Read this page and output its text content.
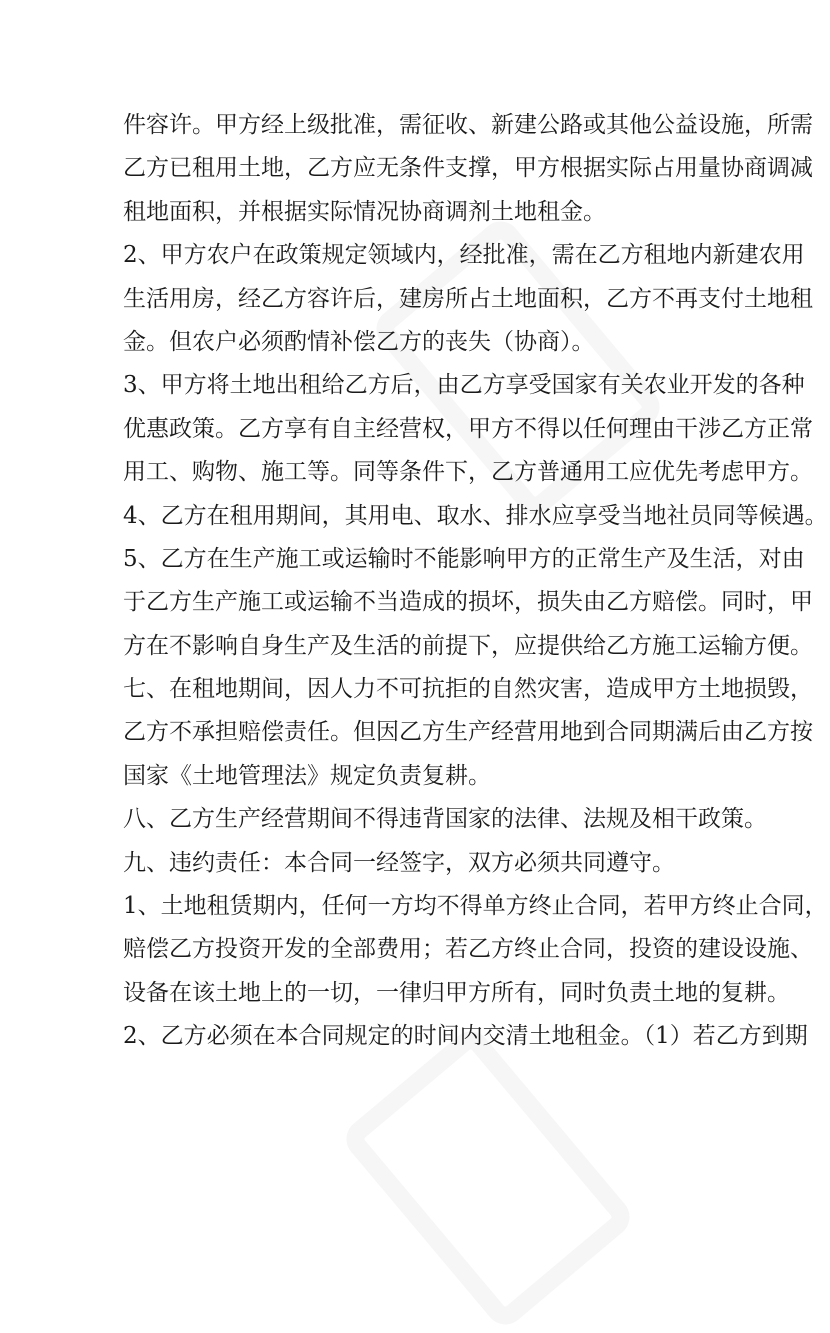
件容许。甲方经上级批准，需征收、新建公路或其他公益设施，所需
乙方已租用土地，乙方应无条件支撑，甲方根据实际占用量协商调减
租地面积，并根据实际情况协商调剂土地租金。
2、甲方农户在政策规定领域内，经批准，需在乙方租地内新建农用
生活用房，经乙方容许后，建房所占土地面积，乙方不再支付土地租
金。但农户必须酌情补偿乙方的丧失（协商）。
3、甲方将土地出租给乙方后，由乙方享受国家有关农业开发的各种
优惠政策。乙方享有自主经营权，甲方不得以任何理由干涉乙方正常
用工、购物、施工等。同等条件下，乙方普通用工应优先考虑甲方。
4、乙方在租用期间，其用电、取水、排水应享受当地社员同等候遇。
5、乙方在生产施工或运输时不能影响甲方的正常生产及生活，对由
于乙方生产施工或运输不当造成的损坏，损失由乙方赔偿。同时，甲
方在不影响自身生产及生活的前提下，应提供给乙方施工运输方便。
七、在租地期间，因人力不可抗拒的自然灾害，造成甲方土地损毁，
乙方不承担赔偿责任。但因乙方生产经营用地到合同期满后由乙方按
国家《土地管理法》规定负责复耕。
八、乙方生产经营期间不得违背国家的法律、法规及相干政策。
九、违约责任：本合同一经签字，双方必须共同遵守。
1、土地租赁期内，任何一方均不得单方终止合同，若甲方终止合同，
赔偿乙方投资开发的全部费用；若乙方终止合同，投资的建设设施、
设备在该土地上的一切，一律归甲方所有，同时负责土地的复耕。
2、乙方必须在本合同规定的时间内交清土地租金。（1）若乙方到期
